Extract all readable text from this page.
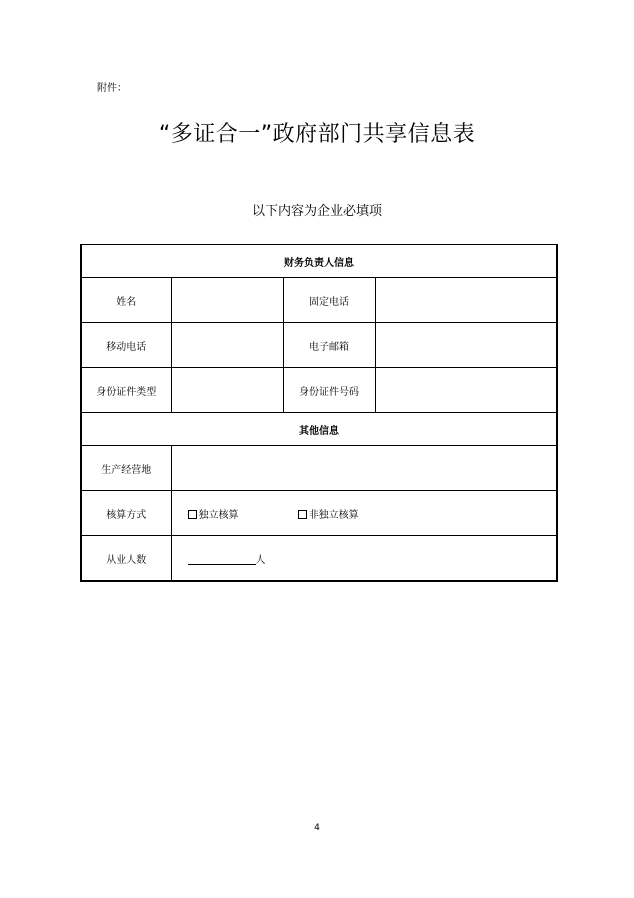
附件：
“多证合一”政府部门共享信息表
以下内容为企业必填项
财务负责人信息			
姓名		固定电话	
移动电话		电子邮箱	
身份证件类型		身份证件号码	
其他信息			
生产经营地			
核算方式	独立核算 非独立核算		
从业人数	人		
4
